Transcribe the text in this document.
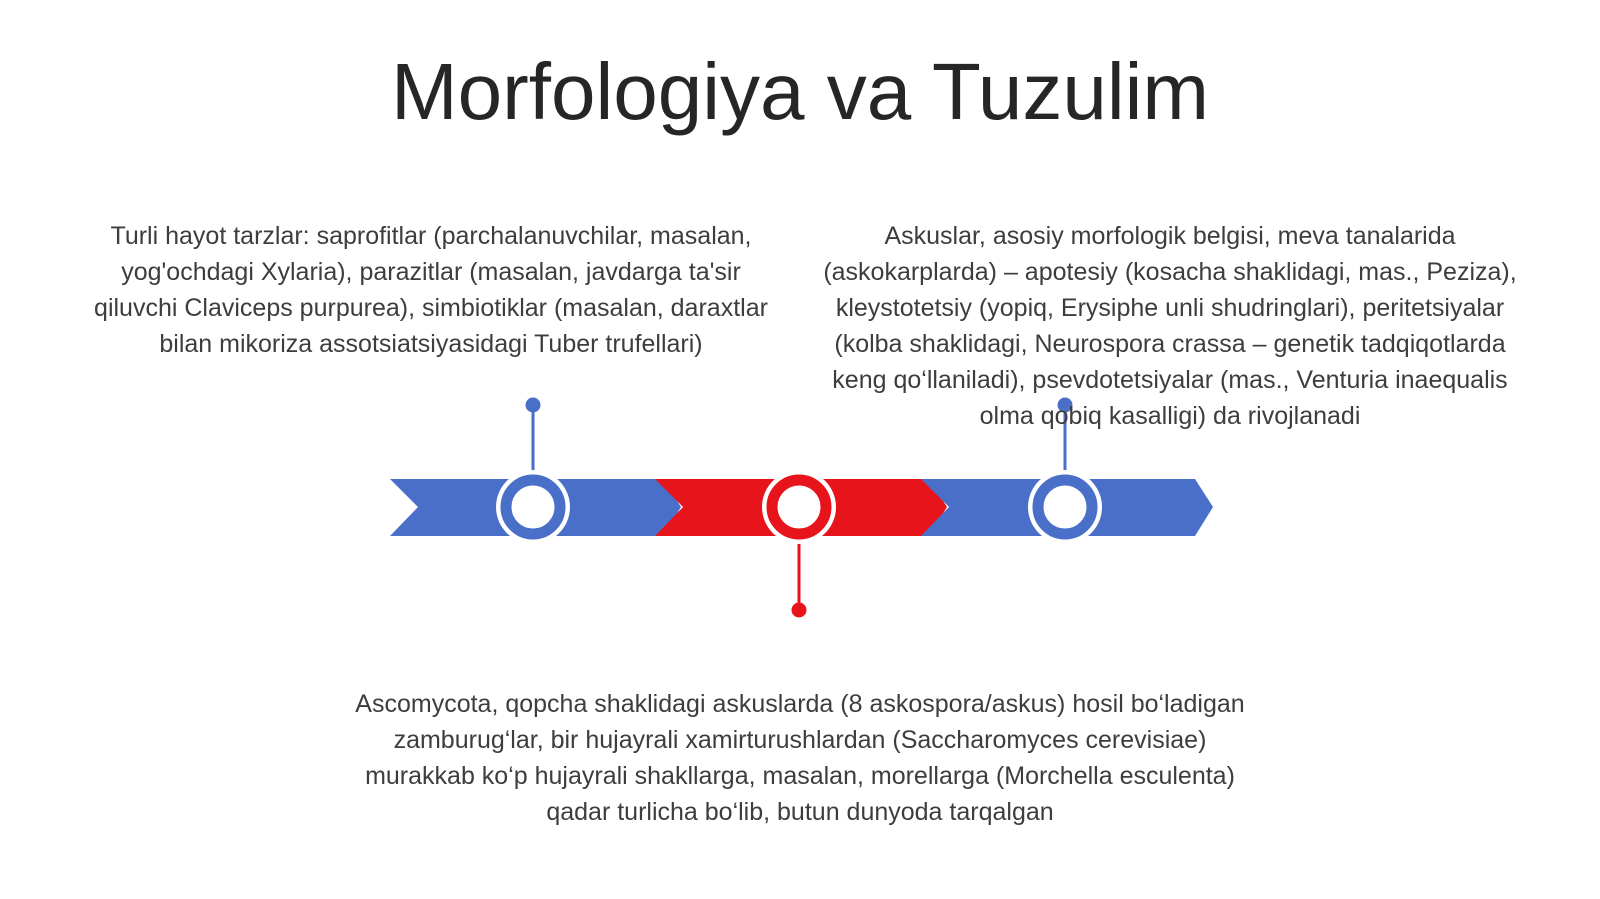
Morfologiya va Tuzulim

Turli hayot tarzlar: saprofitlar (parchalanuvchilar, masalan, yog'ochdagi Xylaria), parazitlar (masalan, javdarga ta'sir qiluvchi Claviceps purpurea), simbiotiklar (masalan, daraxtlar bilan mikoriza assotsiatsiyasidagi Tuber trufellari)

Askuslar, asosiy morfologik belgisi, meva tanalarida (askokarplarda) – apotesiy (kosacha shaklidagi, mas., Peziza), kleystotetsiy (yopiq, Erysiphe unli shudringlari), peritetsiyalar (kolba shaklidagi, Neurospora crassa – genetik tadqiqotlarda keng qo‘llaniladi), psevdotetsiyalar (mas., Venturia inaequalis olma qobiq kasalligi) da rivojlanadi

Ascomycota, qopcha shaklidagi askuslarda (8 askospora/askus) hosil bo‘ladigan zamburug‘lar, bir hujayrali xamirturushlardan (Saccharomyces cerevisiae) murakkab ko‘p hujayrali shakllarga, masalan, morellarga (Morchella esculenta) qadar turlicha bo‘lib, butun dunyoda tarqalgan
